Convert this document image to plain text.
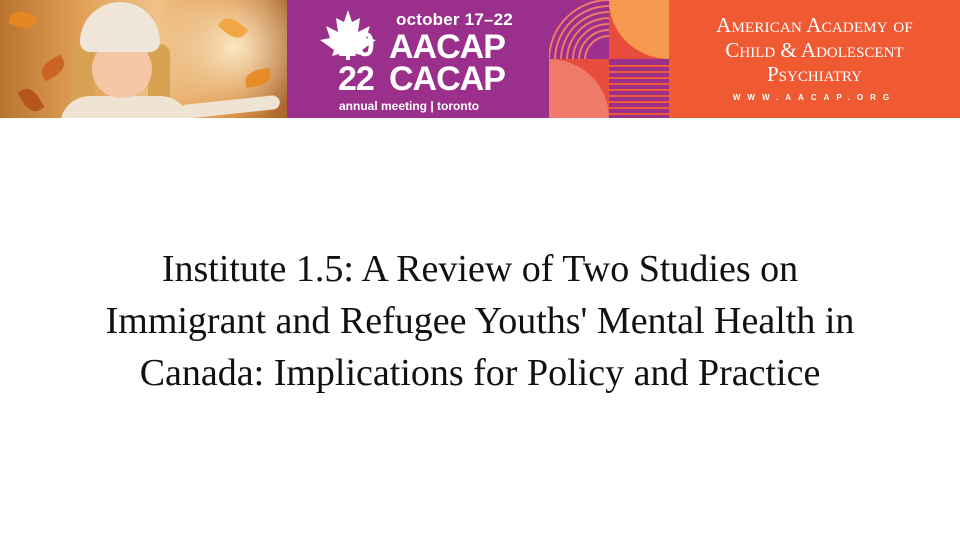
october 17–22
20
22
AACAP
CACAP
annual meeting | toronto
American Academy of
Child & Adolescent
Psychiatry
WWW.AACAP.ORG
Institute 1.5: A Review of Two Studies on
Immigrant and Refugee Youths' Mental Health in
Canada: Implications for Policy and Practice
